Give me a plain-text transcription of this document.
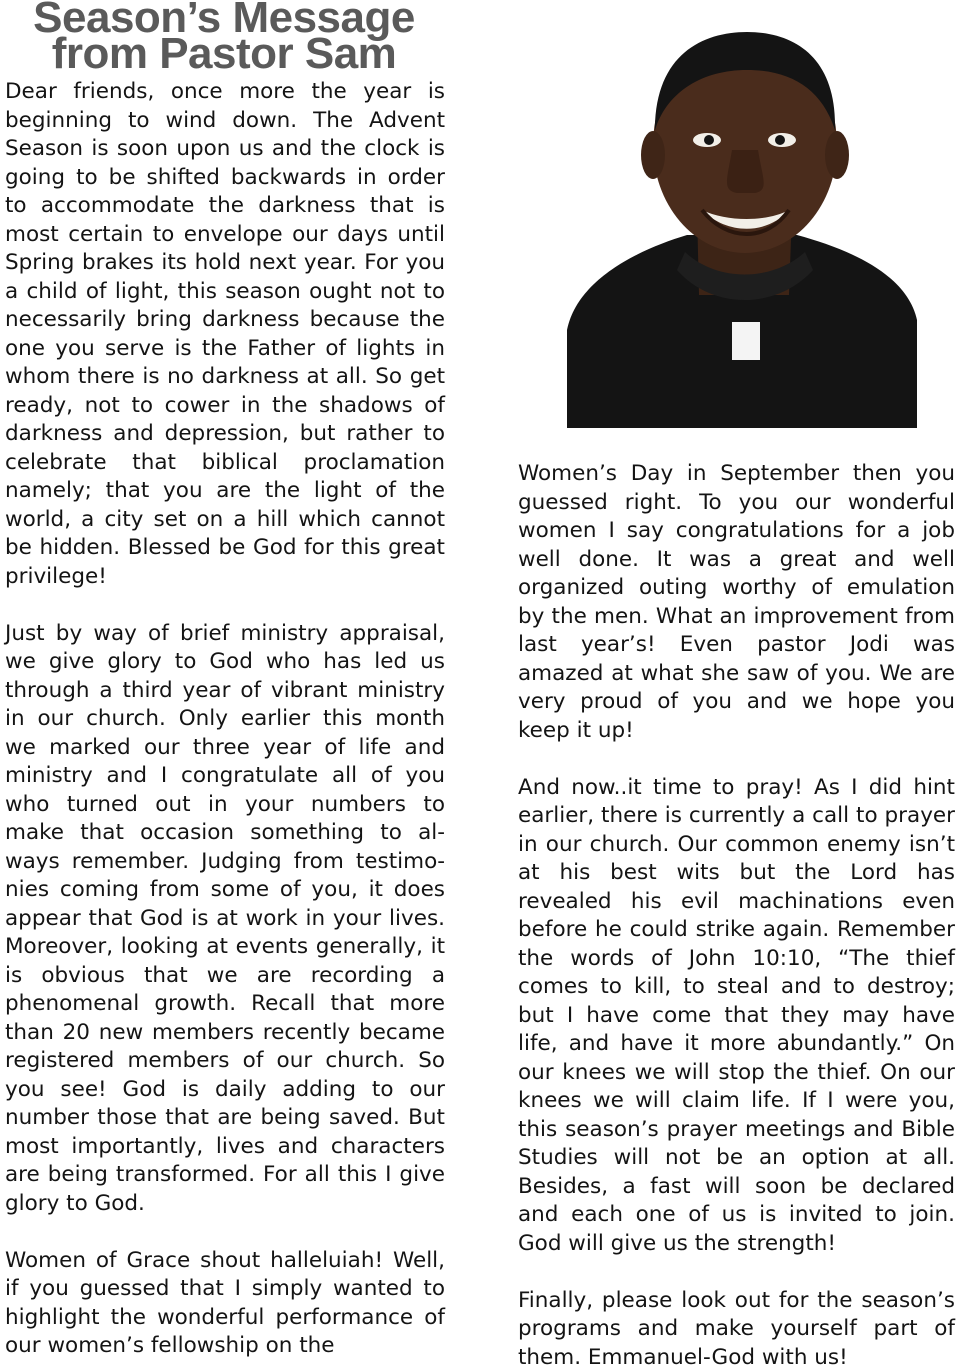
Season’s Message
from Pastor Sam

Dear friends, once more the year is beginning to wind down. The Advent Season is soon upon us and the clock is going to be shifted backwards in order to accommodate the darkness that is most certain to envelope our days until Spring brakes its hold next year. For you a child of light, this season ought not to necessarily bring darkness because the one you serve is the Father of lights in whom there is no darkness at all. So get ready, not to cower in the shadows of darkness and depression, but rather to celebrate that biblical proclamation namely; that you are the light of the world, a city set on a hill which cannot be hidden. Blessed be God for this great privilege!

Just by way of brief ministry appraisal, we give glory to God who has led us through a third year of vibrant ministry in our church. Only earlier this month we marked our three year of life and ministry and I congratulate all of you who turned out in your numbers to make that occasion something to always remember. Judging from testimonies coming from some of you, it does appear that God is at work in your lives. Moreover, looking at events generally, it is obvious that we are recording a phenomenal growth. Recall that more than 20 new members recently became registered members of our church. So you see! God is daily adding to our number those that are being saved. But most importantly, lives and characters are being transformed. For all this I give glory to God.

Women of Grace shout halleluiah! Well, if you guessed that I simply wanted to highlight the wonderful performance of our women’s fellowship on the

Women’s Day in September then you guessed right. To you our wonderful women I say congratulations for a job well done. It was a great and well organized outing worthy of emulation by the men. What an improvement from last year’s! Even pastor Jodi was amazed at what she saw of you. We are very proud of you and we hope you keep it up!

And now..it time to pray! As I did hint earlier, there is currently a call to prayer in our church. Our common enemy isn’t at his best wits but the Lord has revealed his evil machinations even before he could strike again. Remember the words of John 10:10, “The thief comes to kill, to steal and to destroy; but I have come that they may have life, and have it more abundantly.” On our knees we will stop the thief. On our knees we will claim life. If I were you, this season’s prayer meetings and Bible Studies will not be an option at all. Besides, a fast will soon be declared and each one of us is invited to join. God will give us the strength!

Finally, please look out for the season’s programs and make yourself part of them. Emmanuel-God with us!
